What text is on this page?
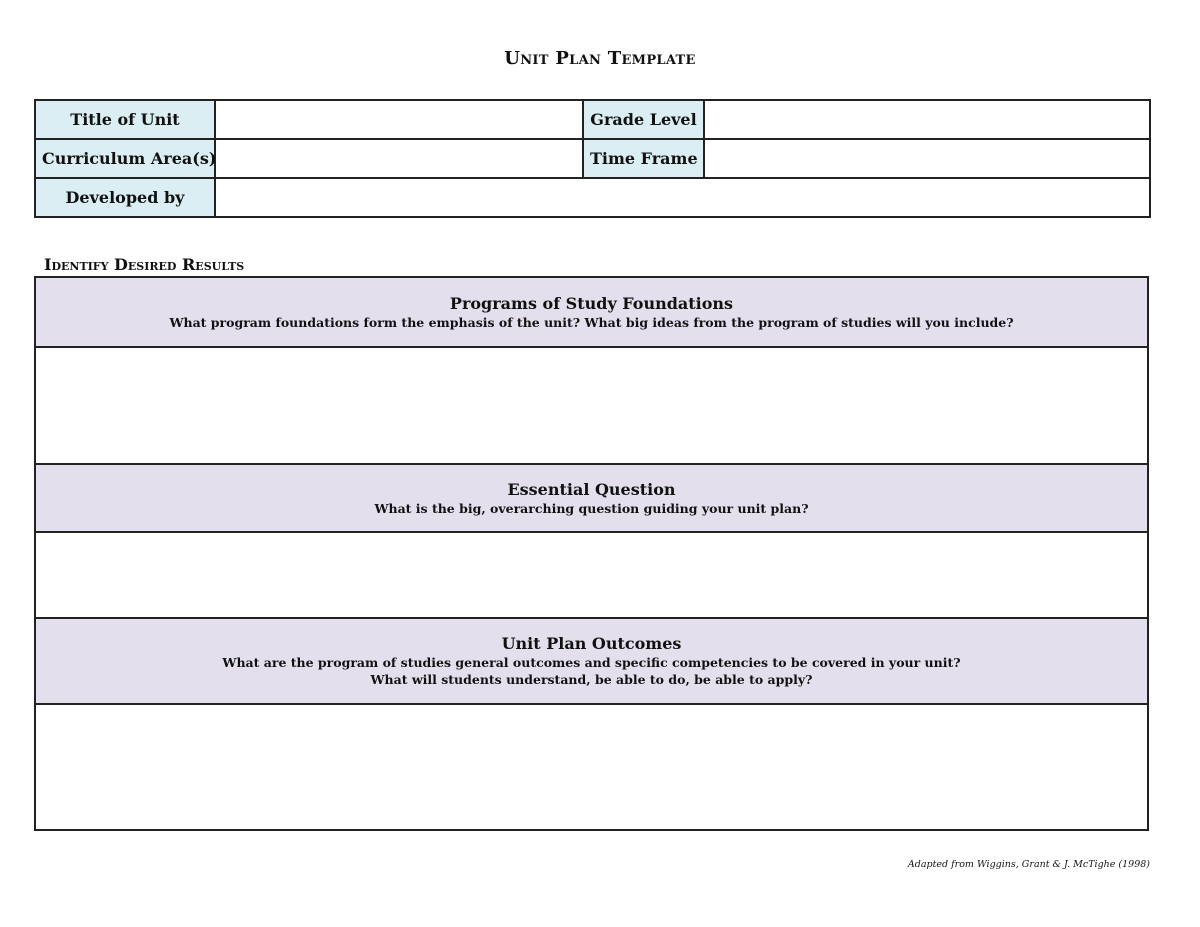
Unit Plan Template
Title of Unit		Grade Level	
Curriculum Area(s)		Time Frame	
Developed by			
Identify Desired Results
Programs of Study Foundations
What program foundations form the emphasis of the unit? What big ideas from the program of studies will you include?
Essential Question
What is the big, overarching question guiding your unit plan?
Unit Plan Outcomes
What are the program of studies general outcomes and specific competencies to be covered in your unit?
What will students understand, be able to do, be able to apply?
Adapted from Wiggins, Grant & J. McTighe (1998)
